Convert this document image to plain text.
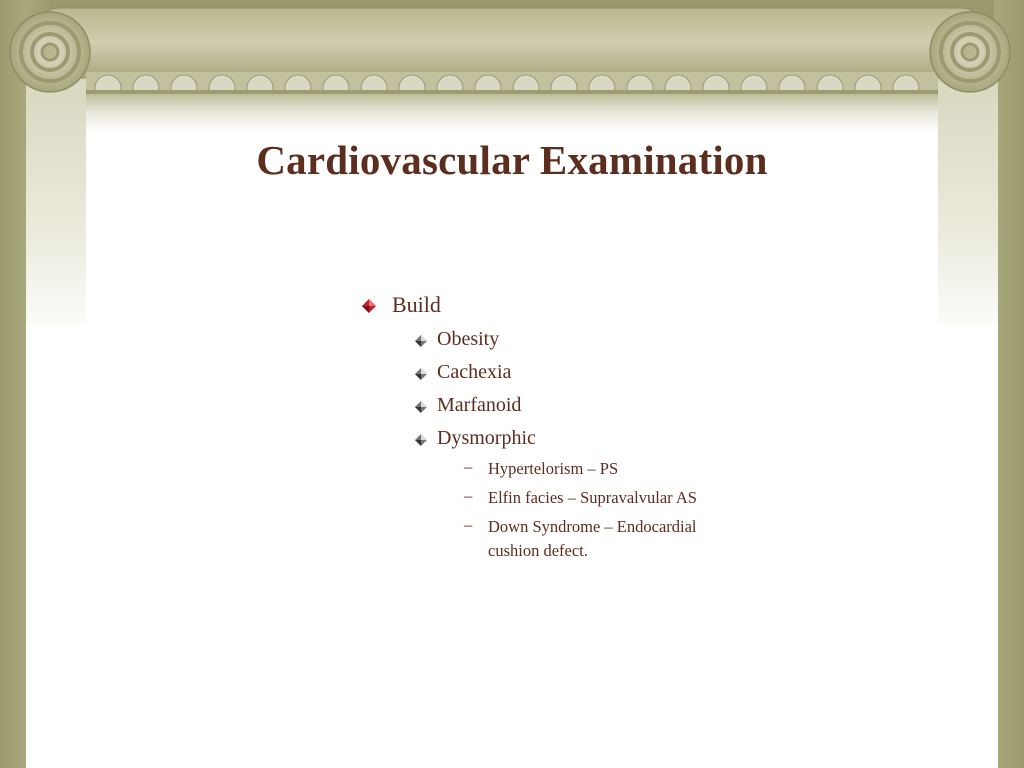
Cardiovascular Examination
Build
Obesity
Cachexia
Marfanoid
Dysmorphic
– Hypertelorism – PS
– Elfin facies – Supravalvular AS
– Down Syndrome – Endocardial
cushion defect.
